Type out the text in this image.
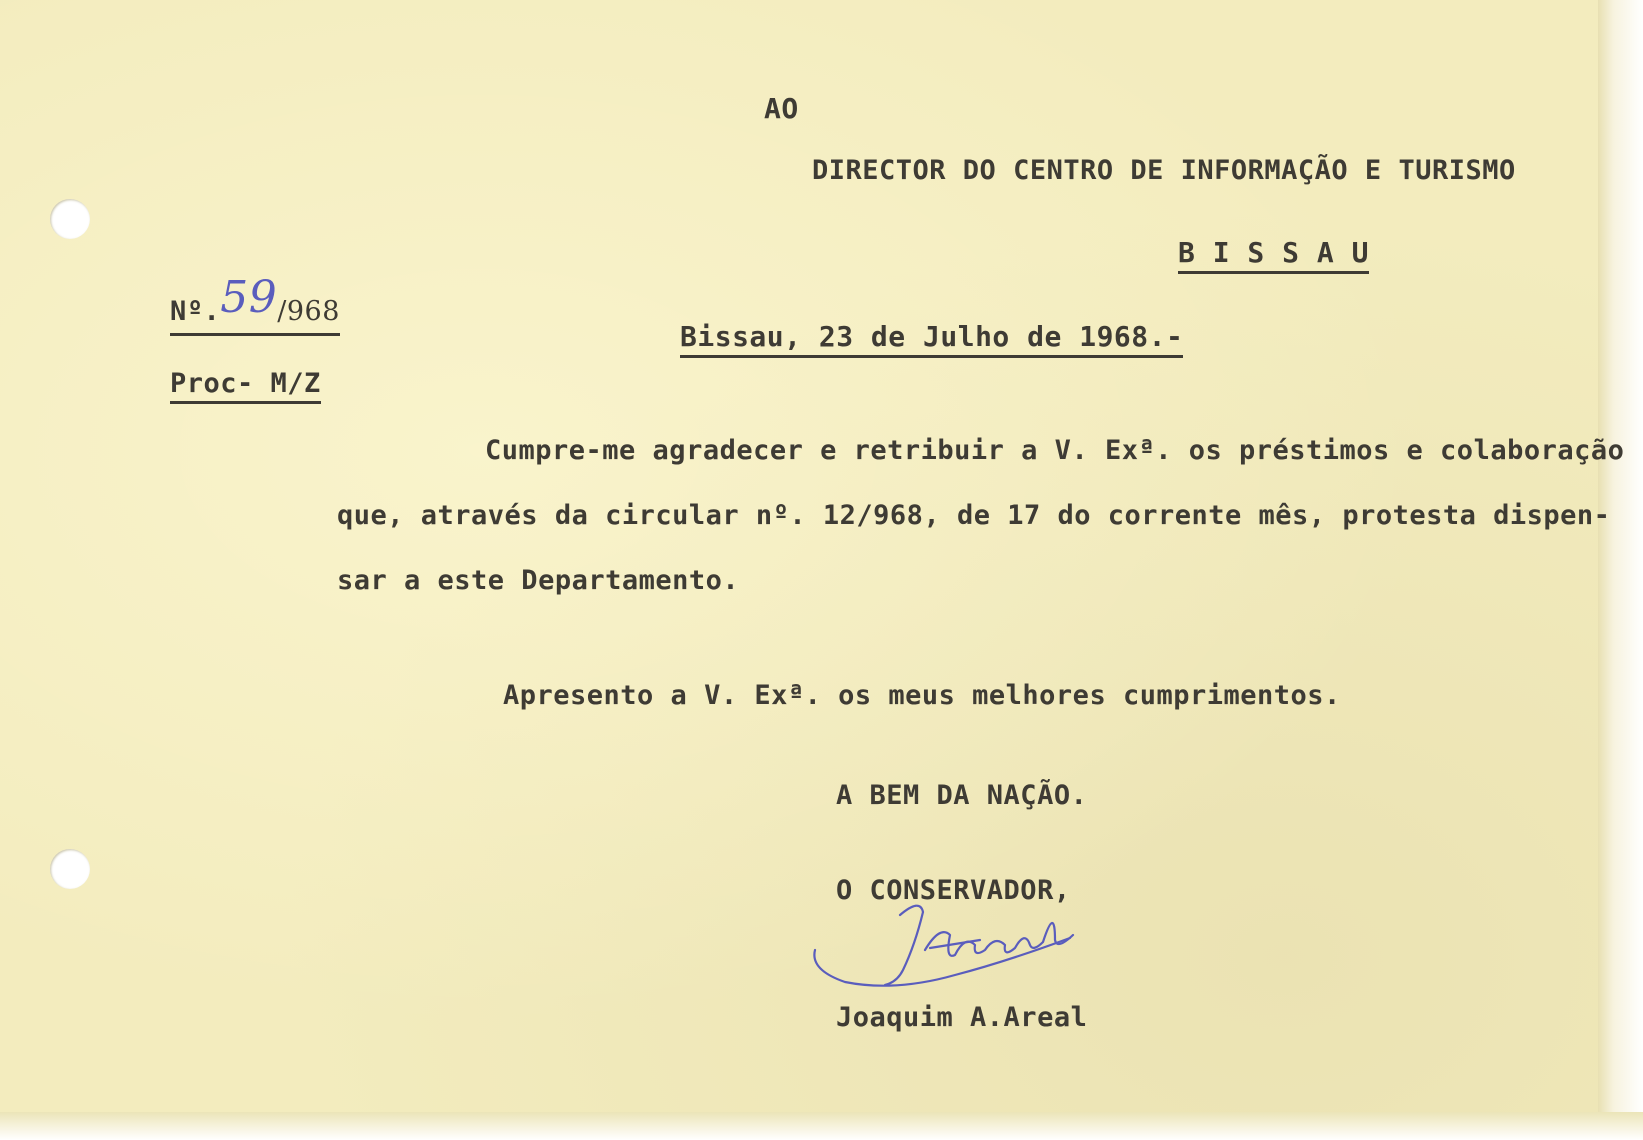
AO
DIRECTOR DO CENTRO DE INFORMAÇÃO E TURISMO
B I S S A U
Nº.59/968
Proc- M/Z
Bissau, 23 de Julho de 1968.-
Cumpre-me agradecer e retribuir a V. Exª. os préstimos e colaboração
que, através da circular nº. 12/968, de 17 do corrente mês, protesta dispen-
sar a este Departamento.
Apresento a V. Exª. os meus melhores cumprimentos.
A BEM DA NAÇÃO.
O CONSERVADOR,
Joaquim A.Areal
